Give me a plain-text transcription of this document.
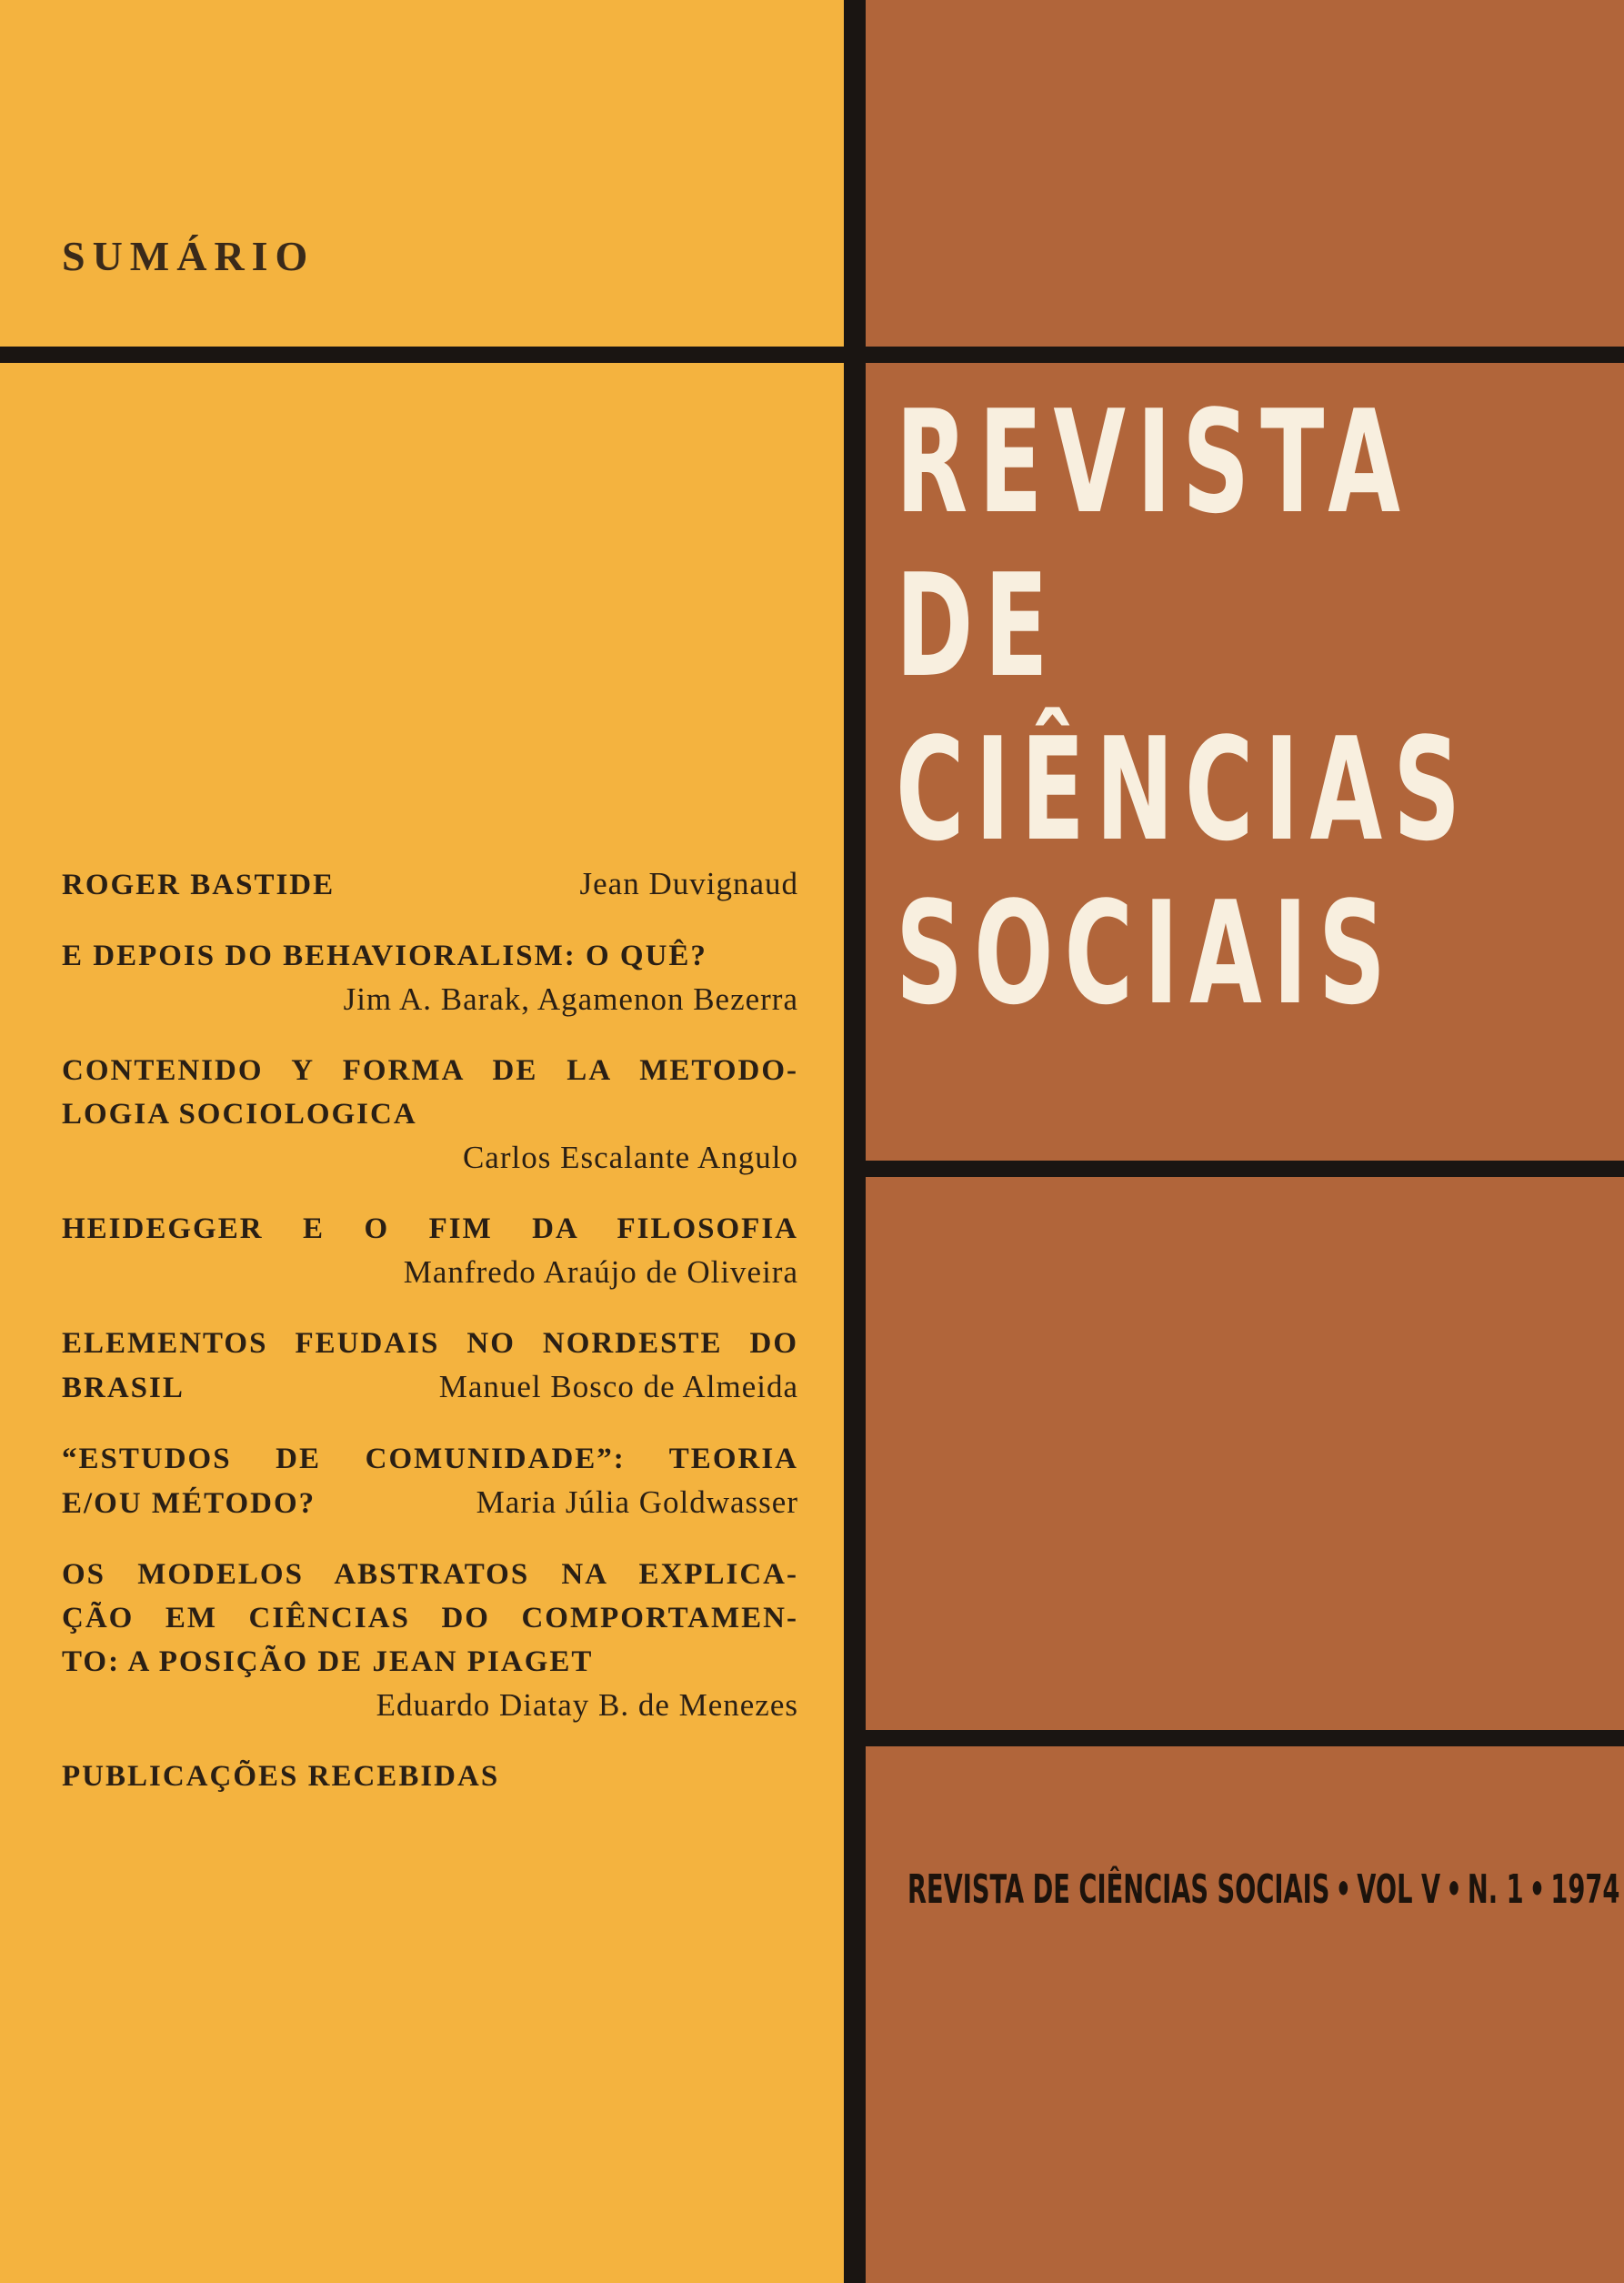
SUMÁRIO
REVISTA
DE
CIÊNCIAS
SOCIAIS
REVISTA DE CIÊNCIAS SOCIAIS • VOL V • N. 1 • 1974
ROGER BASTIDE	Jean Duvignaud
E DEPOIS DO BEHAVIORALISM: O QUÊ?
Jim A. Barak, Agamenon Bezerra
CONTENIDO Y FORMA DE LA METODO-
LOGIA SOCIOLOGICA
Carlos Escalante Angulo
HEIDEGGER E O FIM DA FILOSOFIA
Manfredo Araújo de Oliveira
ELEMENTOS FEUDAIS NO NORDESTE DO
BRASIL	Manuel Bosco de Almeida
“ESTUDOS DE COMUNIDADE”: TEORIA
E/OU MÉTODO?	Maria Júlia Goldwasser
OS MODELOS ABSTRATOS NA EXPLICA-
ÇÃO EM CIÊNCIAS DO COMPORTAMEN-
TO: A POSIÇÃO DE JEAN PIAGET
Eduardo Diatay B. de Menezes
PUBLICAÇÕES RECEBIDAS
